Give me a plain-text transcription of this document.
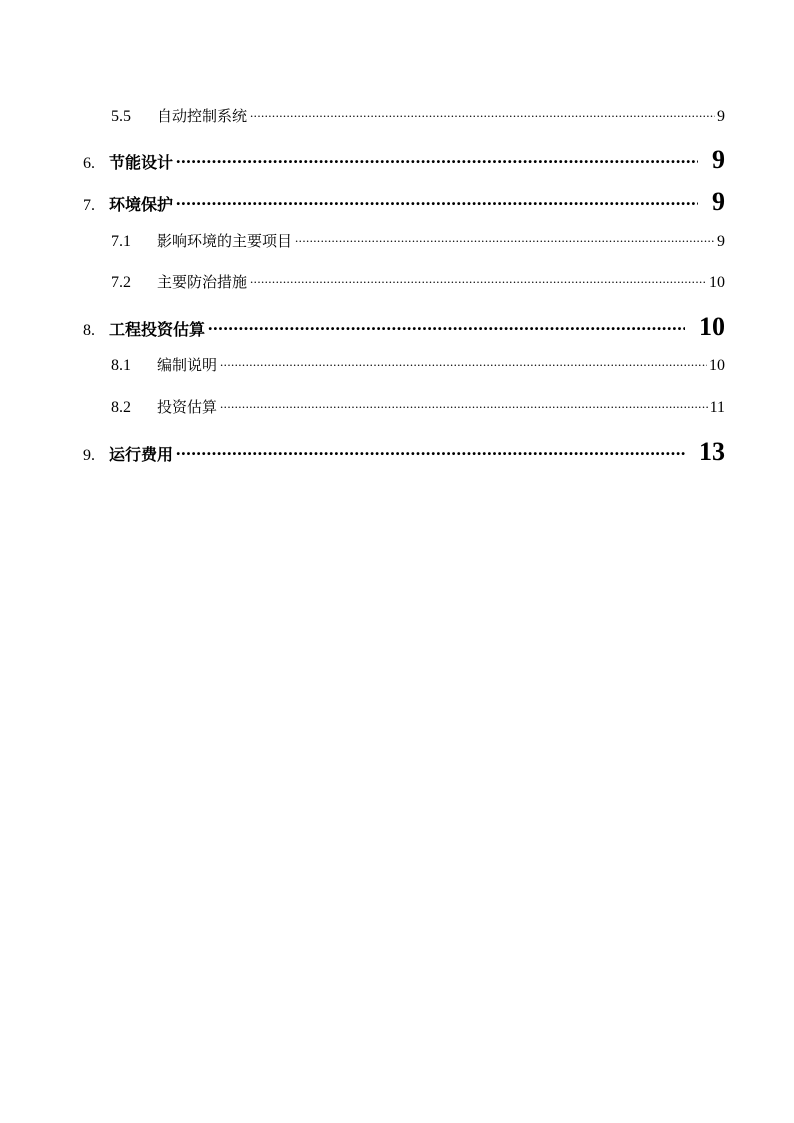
5.5	自动控制系统 .....	9
6. 节能设计 .....	9
7. 环境保护 .....	9
7.1	影响环境的主要项目 .....	9
7.2	主要防治措施 .....	10
8. 工程投资估算 .....	10
8.1	编制说明 .....	10
8.2	投资估算 .....	11
9. 运行费用 .....	13
